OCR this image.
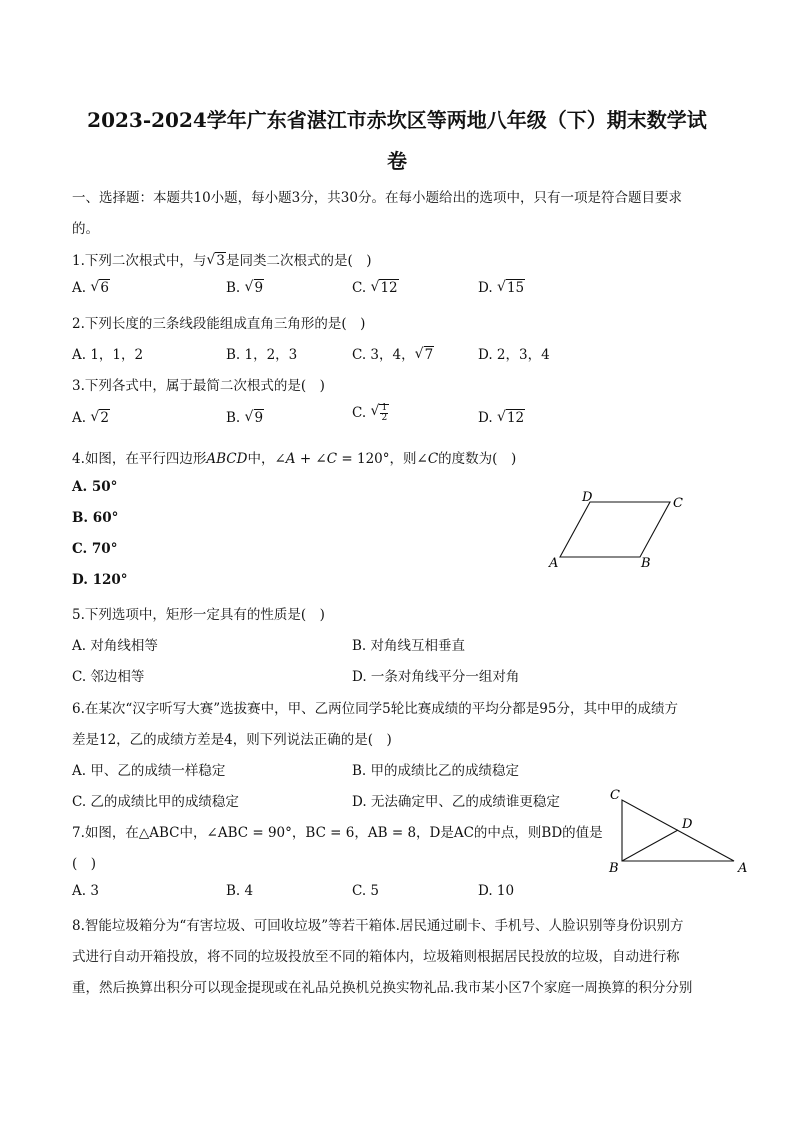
2023-2024学年广东省湛江市赤坎区等两地八年级（下）期末数学试
卷
一、选择题：本题共10小题，每小题3分，共30分。在每小题给出的选项中，只有一项是符合题目要求
的。
1.下列二次根式中，与 √ 3是同类二次根式的是(　)
A. √ 6	B. √ 9	C. √ 12	D. √ 15
2.下列长度的三条线段能组成直角三角形的是(　)
A. 1，1，2	B. 1，2，3	C. 3，4， √ 7	D. 2，3，4
3.下列各式中，属于最简二次根式的是(　)
A. √ 2	B. √ 9	C. √ $\frac{1}{2}$	D. √ 12
4.如图，在平行四边形ABCD中，∠A + ∠C = 120°，则∠C的度数为(　)
A. 50°
B. 60°
C. 70°
D. 120°
A	B
C
D
5.下列选项中，矩形一定具有的性质是(　)
A. 对角线相等	B. 对角线互相垂直
C. 邻边相等	D. 一条对角线平分一组对角
6.在某次“汉字听写大赛”选拔赛中，甲、乙两位同学5轮比赛成绩的平均分都是95分，其中甲的成绩方
差是12，乙的成绩方差是4，则下列说法正确的是(　)
A. 甲、乙的成绩一样稳定	B. 甲的成绩比乙的成绩稳定
C. 乙的成绩比甲的成绩稳定	D. 无法确定甲、乙的成绩谁更稳定
7.如图，在△ABC中，∠ABC = 90°，BC = 6，AB = 8，D是AC的中点，则BD的值是
(　)
A. 3	B. 4	C. 5	D. 10
C
B	A
D
8.智能垃圾箱分为“有害垃圾、可回收垃圾”等若干箱体.居民通过刷卡、手机号、人脸识别等身份识别方
式进行自动开箱投放，将不同的垃圾投放至不同的箱体内，垃圾箱则根据居民投放的垃圾，自动进行称
重，然后换算出积分可以现金提现或在礼品兑换机兑换实物礼品.我市某小区7个家庭一周换算的积分分别
